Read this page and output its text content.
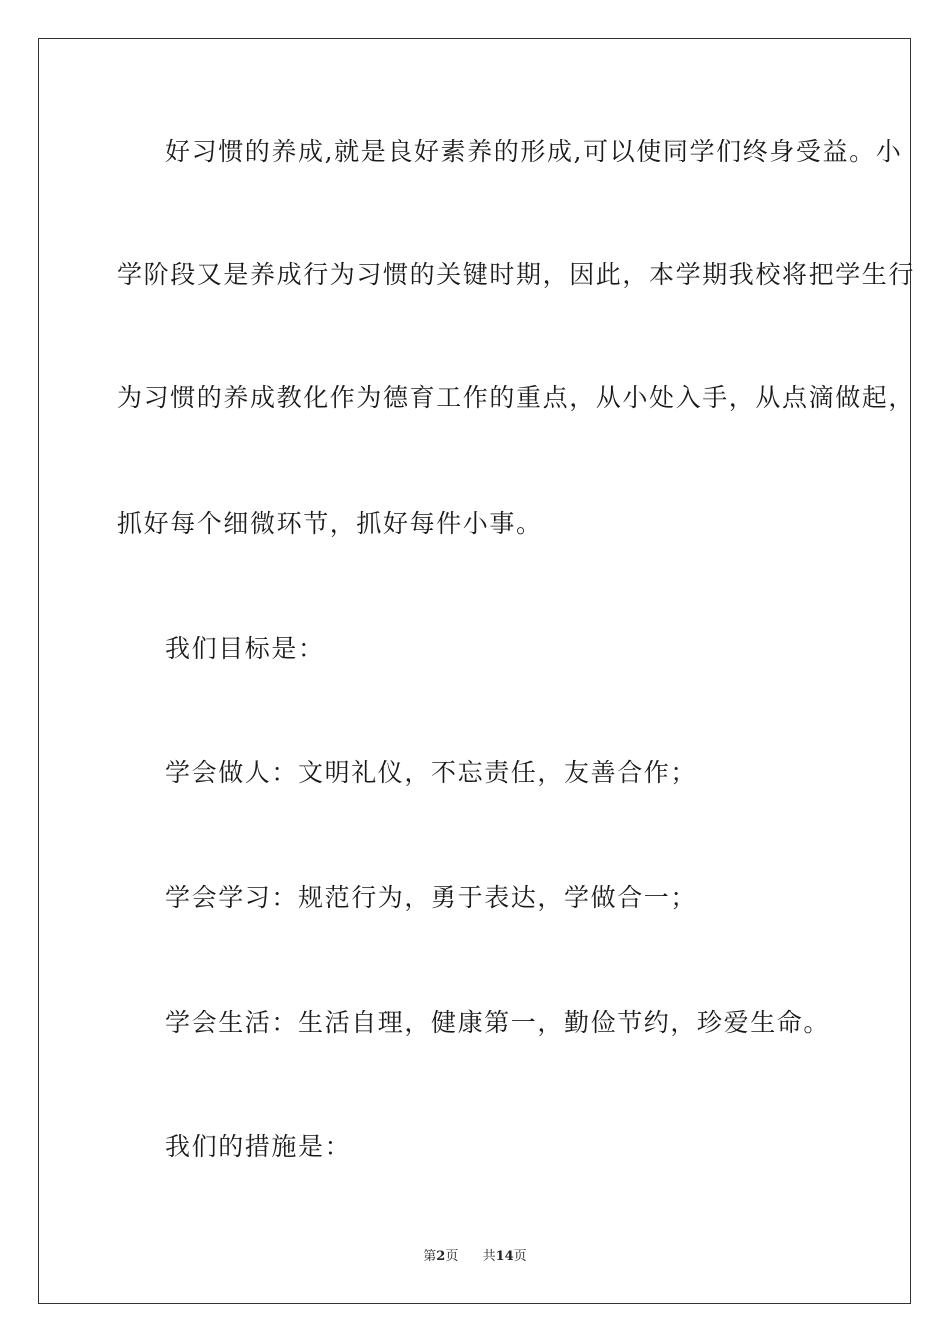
好习惯的养成,就是良好素养的形成,可以使同学们终身受益。小
学阶段又是养成行为习惯的关键时期，因此，本学期我校将把学生行
为习惯的养成教化作为德育工作的重点，从小处入手，从点滴做起，
抓好每个细微环节，抓好每件小事。
我们目标是：
学会做人：文明礼仪，不忘责任，友善合作；
学会学习：规范行为，勇于表达，学做合一；
学会生活：生活自理，健康第一，勤俭节约，珍爱生命。
我们的措施是：
第2页 共14页
